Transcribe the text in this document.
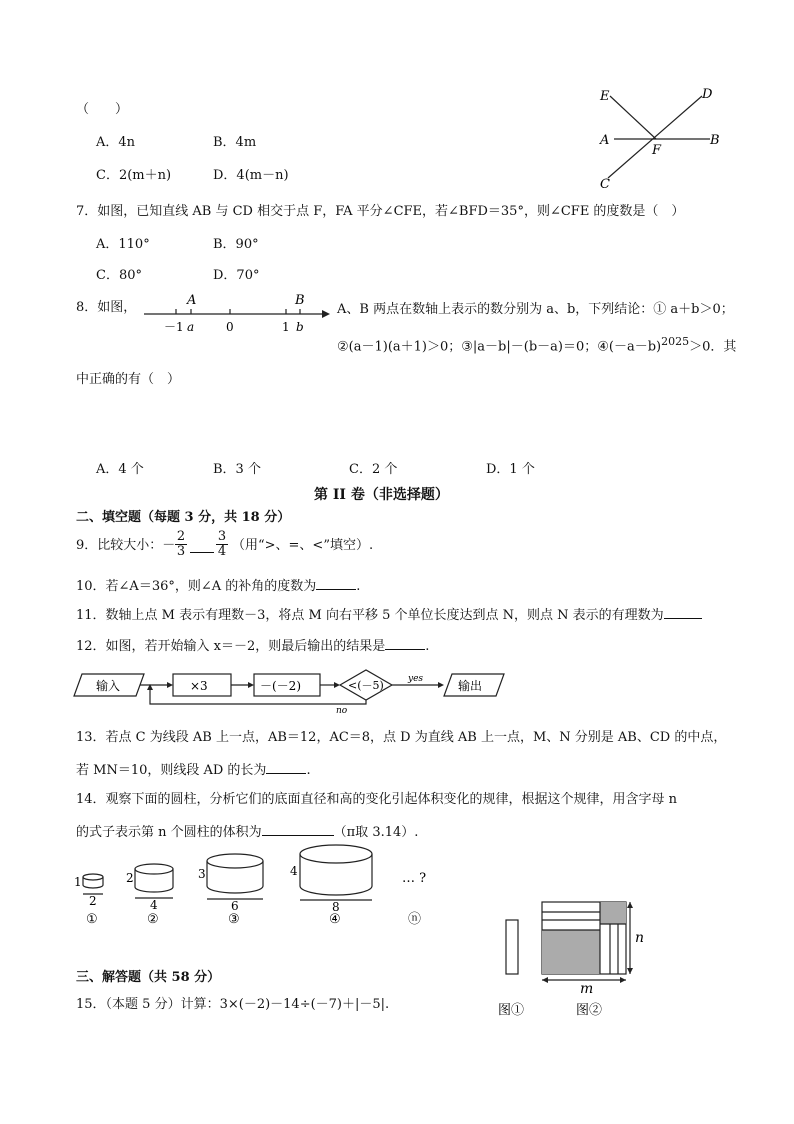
（　　）
A．4n	B．4m
C．2(m＋n)	D．4(m－n)
E	D
A	B
F
C
7．如图，已知直线 AB 与 CD 相交于点 F，FA 平分∠CFE，若∠BFD＝35°，则∠CFE 的度数是（　）
A．110°	B．90°
C．80°	D．70°
8．如图，	A	B
－1 a	0	1 b
A、B 两点在数轴上表示的数分别为 a、b，下列结论：① a＋b＞0；
②(a－1)(a＋1)＞0；③|a－b|－(b－a)＝0；$④(-a-b)^{2025}>0$．其
中正确的有（　）
A．4 个	B．3 个	C．2 个	D．1 个
第 II 卷（非选择题）
二、填空题（每题 3 分，共 18 分）
9．比较大小：－
2
3
3
4 （用“>、=、<”填空）.
10．若∠A＝36°，则∠A 的补角的度数为	.
11．数轴上点 M 表示有理数－3，将点 M 向右平移 5 个单位长度达到点 N，则点 N 表示的有理数为
12．如图，若开始输入 x＝－2，则最后输出的结果是	.
输入	×3	－(－2)	<(－5)	yes	输出
no
13．若点 C 为线段 AB 上一点，AB＝12，AC＝8，点 D 为直线 AB 上一点，M、N 分别是 AB、CD 的中点，
若 MN＝10，则线段 AD 的长为	.
14．观察下面的圆柱，分析它们的底面直径和高的变化引起体积变化的规律，根据这个规律，用含字母 n
的式子表示第 n 个圆柱的体积为	（π取 3.14）.
1
2
①
2
4
②
3
6
③
4
8
④
… ?
ⓝ
n
m
图①	图②
三、解答题（共 58 分）
15．（本题 5 分）计算：3×(－2)－14÷(－7)＋|－5|.
